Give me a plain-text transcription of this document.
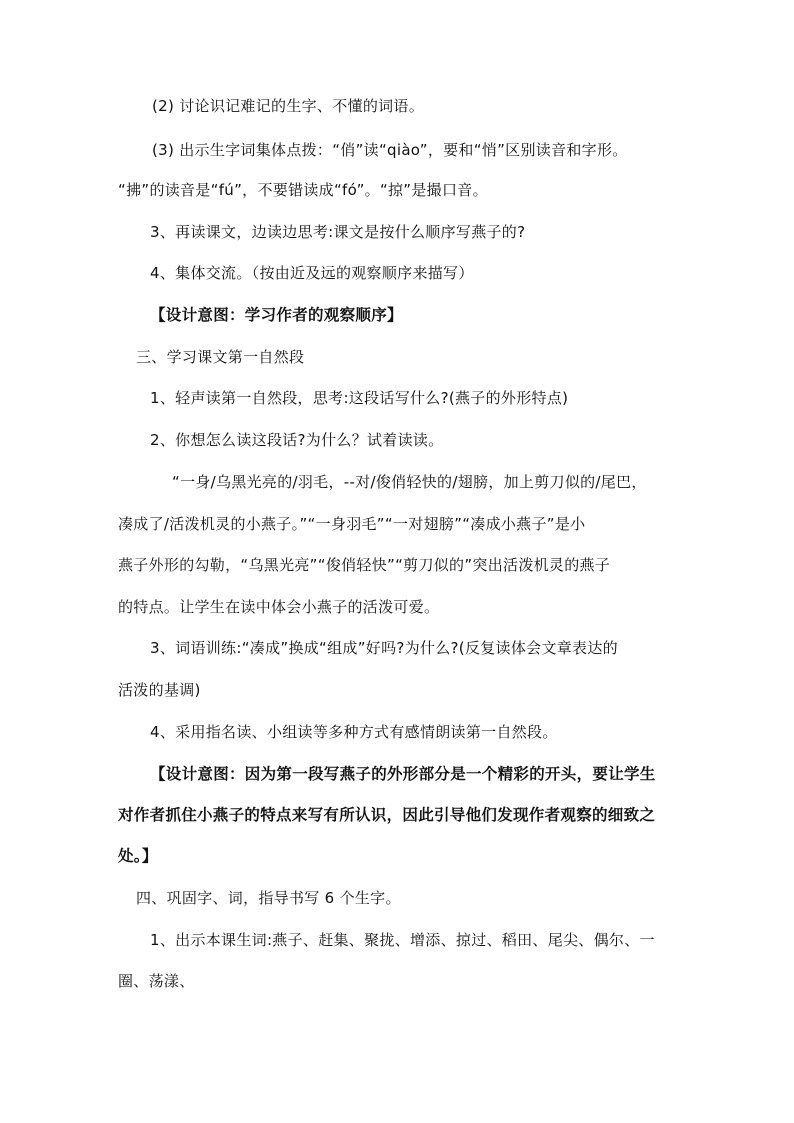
(2) 讨论识记难记的生字、不懂的词语。
(3) 出示生字词集体点拨：“俏”读“qiào”，要和“悄”区别读音和字形。
“拂”的读音是“fú”，不要错读成“fó”。“掠”是撮口音。
3、再读课文，边读边思考:课文是按什么顺序写燕子的?
4、集体交流。（按由近及远的观察顺序来描写）
【设计意图：学习作者的观察顺序】
三、学习课文第一自然段
1、轻声读第一自然段，思考:这段话写什么?(燕子的外形特点)
2、你想怎么读这段话?为什么？试着读读。
“一身/乌黑光亮的/羽毛，--对/俊俏轻快的/翅膀，加上剪刀似的/尾巴，
凑成了/活泼机灵的小燕子。”“一身羽毛”“一对翅膀”“凑成小燕子”是小
燕子外形的勾勒，“乌黑光亮”“俊俏轻快”“剪刀似的”突出活泼机灵的燕子
的特点。让学生在读中体会小燕子的活泼可爱。
3、词语训练:“凑成”换成“组成”好吗?为什么?(反复读体会文章表达的
活泼的基调)
4、采用指名读、小组读等多种方式有感情朗读第一自然段。
【设计意图：因为第一段写燕子的外形部分是一个精彩的开头，要让学生
对作者抓住小燕子的特点来写有所认识，因此引导他们发现作者观察的细致之
处。】
四、巩固字、词，指导书写 6 个生字。
1、出示本课生词:燕子、赶集、聚拢、增添、掠过、稻田、尾尖、偶尔、一
圈、荡漾、
